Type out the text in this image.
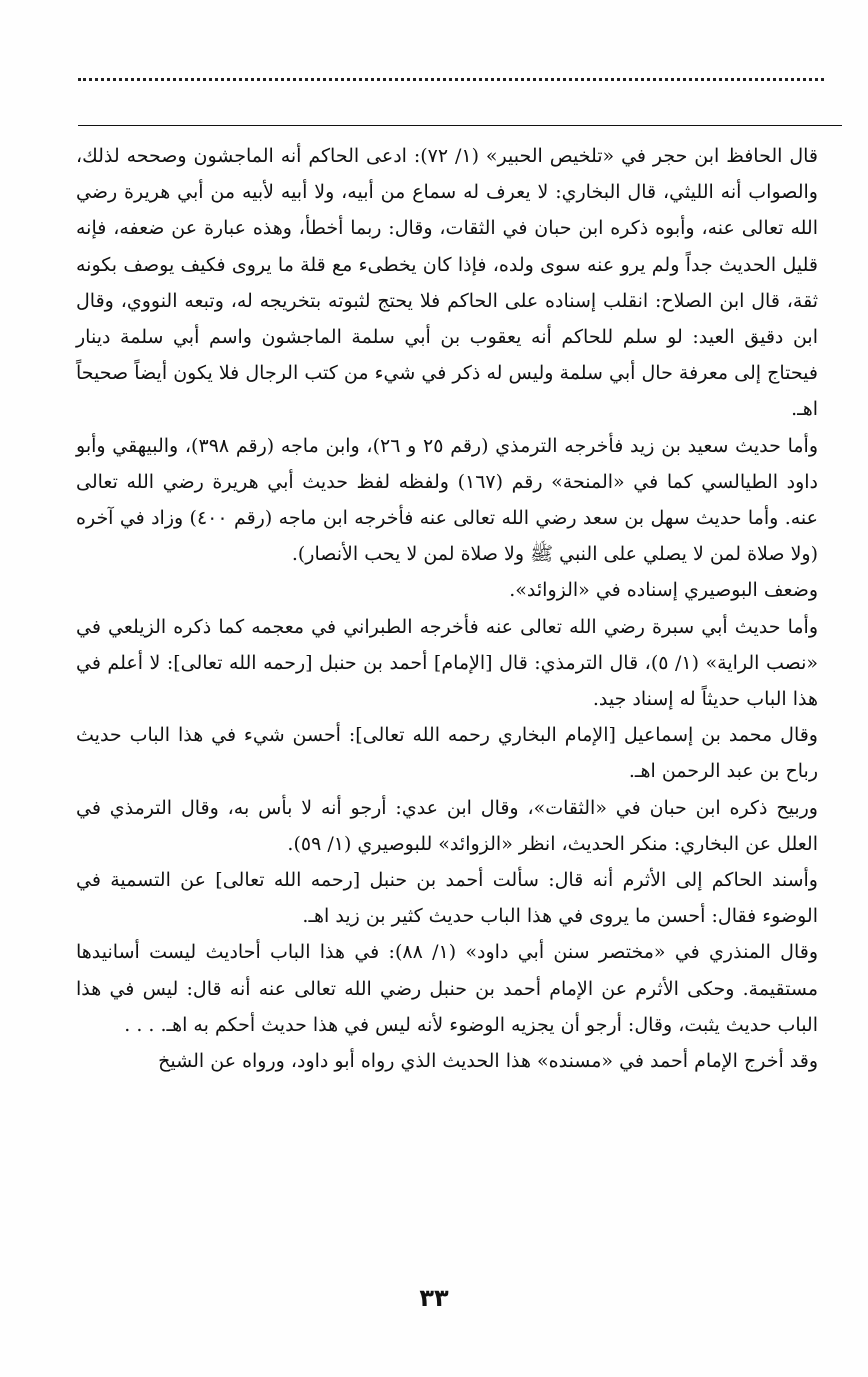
قال الحافظ ابن حجر في «تلخيص الحبير» (١/ ٧٢): ادعى الحاكم أنه الماجشون وصححه لذلك، والصواب أنه الليثي، قال البخاري: لا يعرف له سماع من أبيه، ولا أبيه لأبيه من أبي هريرة رضي الله تعالى عنه، وأبوه ذكره ابن حبان في الثقات، وقال: ربما أخطأ، وهذه عبارة عن ضعفه، فإنه قليل الحديث جداً ولم يرو عنه سوى ولده، فإذا كان يخطىء مع قلة ما يروى فكيف يوصف بكونه ثقة، قال ابن الصلاح: انقلب إسناده على الحاكم فلا يحتج لثبوته بتخريجه له، وتبعه النووي، وقال ابن دقيق العيد: لو سلم للحاكم أنه يعقوب بن أبي سلمة الماجشون واسم أبي سلمة دينار فيحتاج إلى معرفة حال أبي سلمة وليس له ذكر في شيء من كتب الرجال فلا يكون أيضاً صحيحاً اهـ.

وأما حديث سعيد بن زيد فأخرجه الترمذي (رقم ٢٥ و ٢٦)، وابن ماجه (رقم ٣٩٨)، والبيهقي وأبو داود الطيالسي كما في «المنحة» رقم (١٦٧) ولفظه لفظ حديث أبي هريرة رضي الله تعالى عنه. وأما حديث سهل بن سعد رضي الله تعالى عنه فأخرجه ابن ماجه (رقم ٤٠٠) وزاد في آخره (ولا صلاة لمن لا يصلي على النبي ﷺ ولا صلاة لمن لا يحب الأنصار).

وضعف البوصيري إسناده في «الزوائد».

وأما حديث أبي سبرة رضي الله تعالى عنه فأخرجه الطبراني في معجمه كما ذكره الزيلعي في «نصب الراية» (١/ ٥)، قال الترمذي: قال [الإمام] أحمد بن حنبل [رحمه الله تعالى]: لا أعلم في هذا الباب حديثاً له إسناد جيد.

وقال محمد بن إسماعيل [الإمام البخاري رحمه الله تعالى]: أحسن شيء في هذا الباب حديث رباح بن عبد الرحمن اهـ.

وربيح ذكره ابن حبان في «الثقات»، وقال ابن عدي: أرجو أنه لا بأس به، وقال الترمذي في العلل عن البخاري: منكر الحديث، انظر «الزوائد» للبوصيري (١/ ٥٩).

وأسند الحاكم إلى الأثرم أنه قال: سألت أحمد بن حنبل [رحمه الله تعالى] عن التسمية في الوضوء فقال: أحسن ما يروى في هذا الباب حديث كثير بن زيد اهـ.

وقال المنذري في «مختصر سنن أبي داود» (١/ ٨٨): في هذا الباب أحاديث ليست أسانيدها مستقيمة. وحكى الأثرم عن الإمام أحمد بن حنبل رضي الله تعالى عنه أنه قال: ليس في هذا الباب حديث يثبت، وقال: أرجو أن يجزيه الوضوء لأنه ليس في هذا حديث أحكم به اهـ. . . .

وقد أخرج الإمام أحمد في «مسنده» هذا الحديث الذي رواه أبو داود، ورواه عن الشيخ

٣٣
